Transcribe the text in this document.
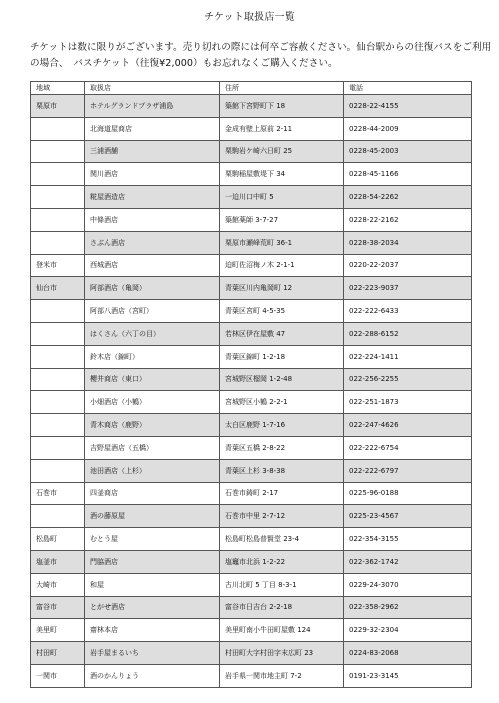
チケット取扱店一覧

チケットは数に限りがございます。売り切れの際には何卒ご容赦ください。仙台駅からの往復バスをご利用

の場合、　バスチケット（往復¥2,000）もお忘れなくご購入ください。

地域	取扱店	住所	電話
栗原市	ホテルグランドプラザ浦島	築館下宮野町下 18	0228-22-4155
	北海道屋商店	金成有壁上原前 2-11	0228-44-2009
	三浦酒舗	栗駒岩ケ崎六日町 25	0228-45-2003
	関川酒店	栗駒稲屋敷堤下 34	0228-45-1166
	糀屋酒造店	一迫川口中町 5	0228-54-2262
	中條酒店	築館薬師 3-7-27	0228-22-2162
	さぶん酒店	栗原市瀬峰荒町 36-1	0228-38-2034
登米市	西城酒店	迫町佐沼梅ノ木 2-1-1	0220-22-2037
仙台市	阿部酒店（亀岡）	青葉区川内亀岡町 12	022-223-9037
	阿部八酒店（宮町）	青葉区宮町 4-5-35	022-222-6433
	はくさん（六丁の目）	若林区伊在屋敷 47	022-288-6152
	鈴木店（錦町）	青葉区錦町 1-2-18	022-224-1411
	櫻井商店（東口）	宮城野区榴岡 1-2-48	022-256-2255
	小畑酒店（小鶴）	宮城野区小鶴 2-2-1	022-251-1873
	青木商店（鹿野）	太白区鹿野 1-7-16	022-247-4626
	吉野屋酒店（五橋）	青葉区五橋 2-8-22	022-222-6754
	池田酒店（上杉）	青葉区上杉 3-8-38	022-222-6797
石巻市	四釜商店	石巻市鋳町 2-17	0225-96-0188
	酒の藤原屋	石巻市中里 2-7-12	0225-23-4567
松島町	むとう屋	松島町松島普賢堂 23-4	022-354-3155
塩釜市	門脇酒店	塩竈市北浜 1-2-22	022-362-1742
大崎市	和屋	古川北町 5 丁目 8-3-1	0229-24-3070
富谷市	とがせ酒店	富谷市日吉台 2-2-18	022-358-2962
美里町	齋林本店	美里町南小牛田町屋敷 124	0229-32-2304
村田町	岩手屋まるいち	村田町大字村田字末広町 23	0224-83-2068
一関市	酒のかんりょう	岩手県一関市地主町 7-2	0191-23-3145
